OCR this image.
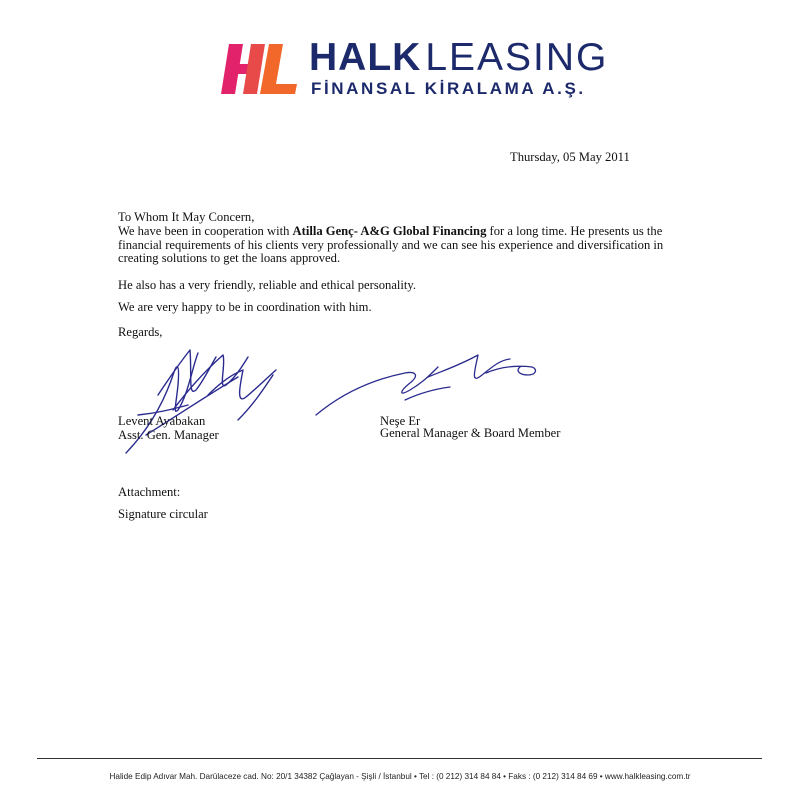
HALK LEASING
FİNANSAL KİRALAMA A.Ş.
Thursday, 05 May 2011
To Whom It May Concern,
We have been in cooperation with Atilla Genç- A&G Global Financing for a long time. He presents us the financial requirements of his clients very professionally and we can see his experience and diversification in creating solutions to get the loans approved.
He also has a very friendly, reliable and ethical personality.
We are very happy to be in coordination with him.
Regards,
Levent Ayabakan
Asst. Gen. Manager
Neşe Er
General Manager & Board Member
Attachment:
Signature circular
Halide Edip Adıvar Mah. Darülaceze cad. No: 20/1 34382 Çağlayan - Şişli / İstanbul • Tel : (0 212) 314 84 84 • Faks : (0 212) 314 84 69 • www.halkleasing.com.tr
